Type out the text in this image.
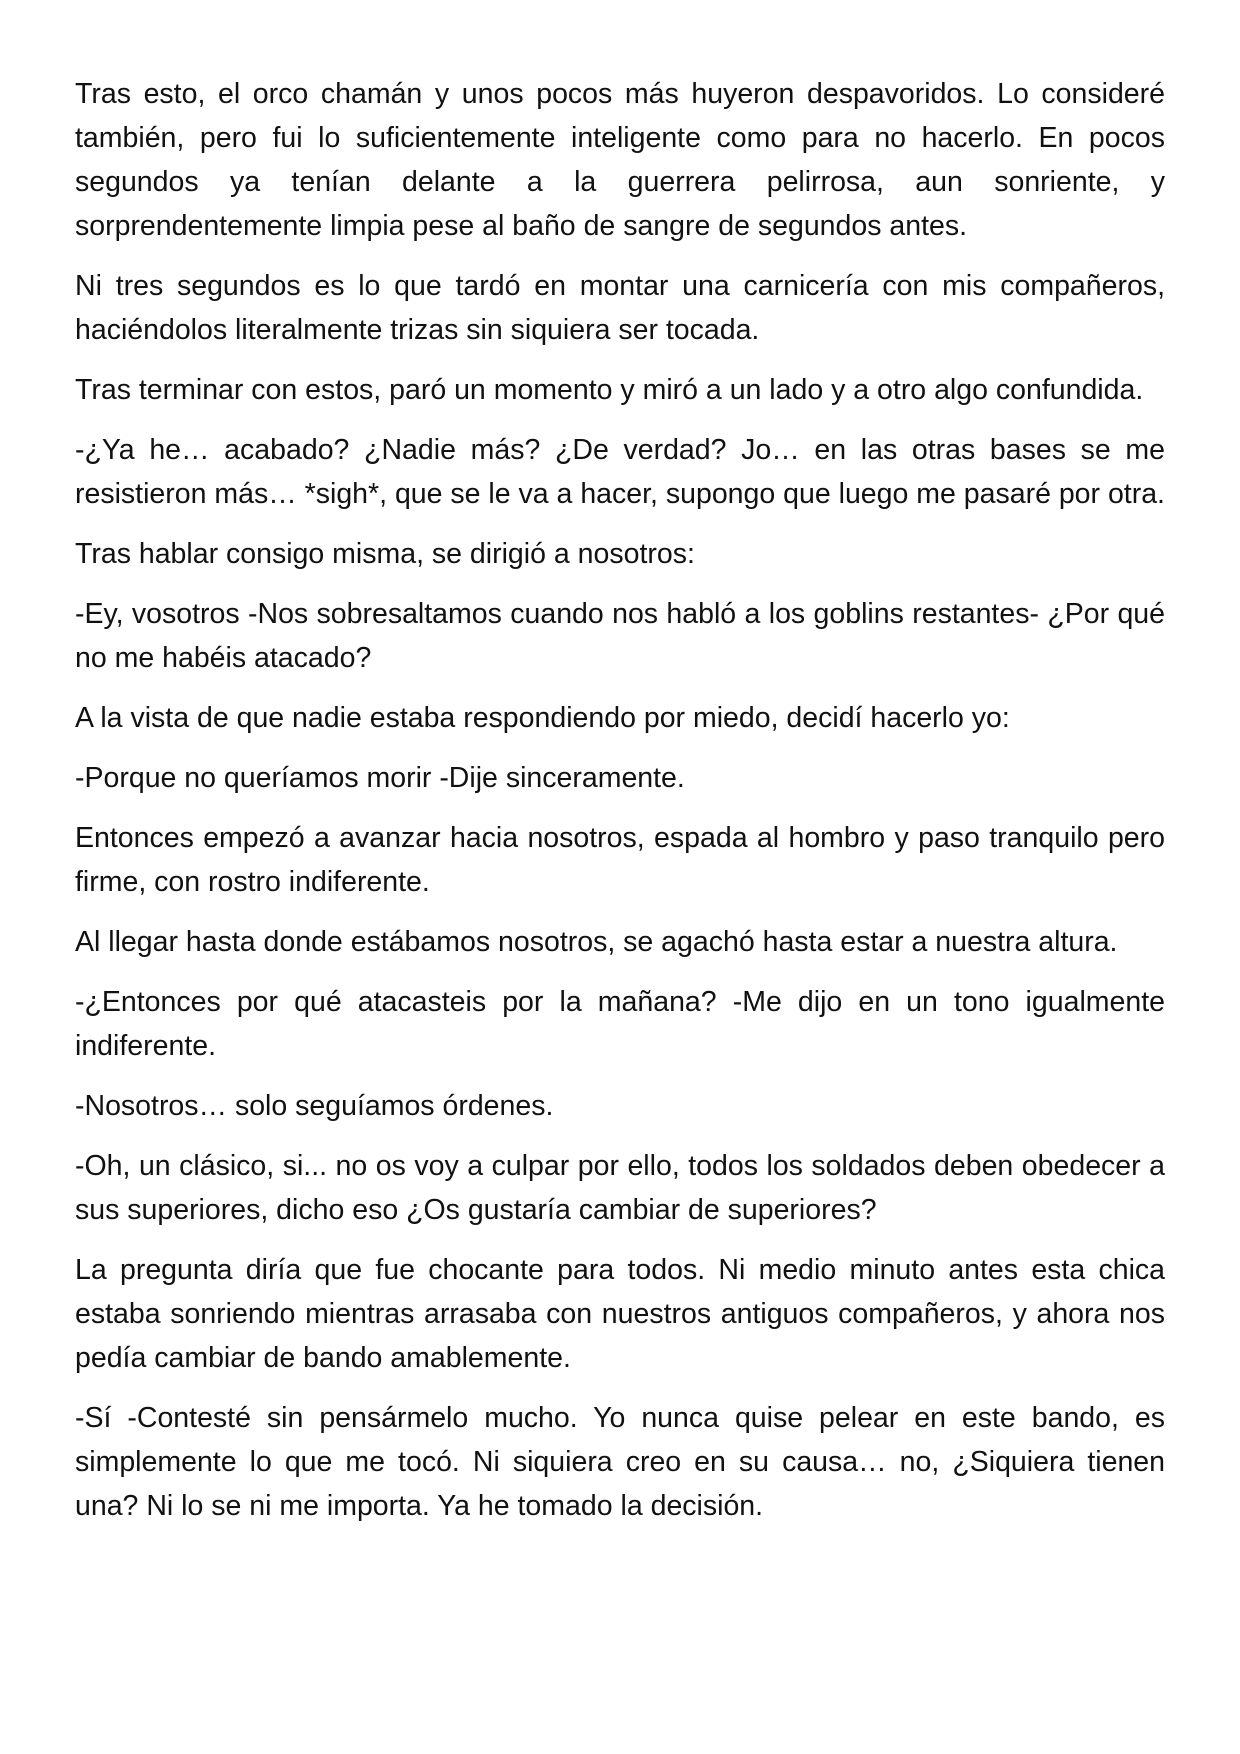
Tras esto, el orco chamán y unos pocos más huyeron despavoridos. Lo consideré también, pero fui lo suficientemente inteligente como para no hacerlo. En pocos segundos ya tenían delante a la guerrera pelirrosa, aun sonriente, y sorprendentemente limpia pese al baño de sangre de segundos antes.

Ni tres segundos es lo que tardó en montar una carnicería con mis compañeros, haciéndolos literalmente trizas sin siquiera ser tocada.

Tras terminar con estos, paró un momento y miró a un lado y a otro algo confundida.

-¿Ya he… acabado? ¿Nadie más? ¿De verdad? Jo… en las otras bases se me resistieron más… *sigh*, que se le va a hacer, supongo que luego me pasaré por otra.

Tras hablar consigo misma, se dirigió a nosotros:

-Ey, vosotros -Nos sobresaltamos cuando nos habló a los goblins restantes- ¿Por qué no me habéis atacado?

A la vista de que nadie estaba respondiendo por miedo, decidí hacerlo yo:

-Porque no queríamos morir -Dije sinceramente.

Entonces empezó a avanzar hacia nosotros, espada al hombro y paso tranquilo pero firme, con rostro indiferente.

Al llegar hasta donde estábamos nosotros, se agachó hasta estar a nuestra altura.

-¿Entonces por qué atacasteis por la mañana? -Me dijo en un tono igualmente indiferente.

-Nosotros… solo seguíamos órdenes.

-Oh, un clásico, si... no os voy a culpar por ello, todos los soldados deben obedecer a sus superiores, dicho eso ¿Os gustaría cambiar de superiores?

La pregunta diría que fue chocante para todos. Ni medio minuto antes esta chica estaba sonriendo mientras arrasaba con nuestros antiguos compañeros, y ahora nos pedía cambiar de bando amablemente.

-Sí -Contesté sin pensármelo mucho. Yo nunca quise pelear en este bando, es simplemente lo que me tocó. Ni siquiera creo en su causa… no, ¿Siquiera tienen una? Ni lo se ni me importa. Ya he tomado la decisión.
